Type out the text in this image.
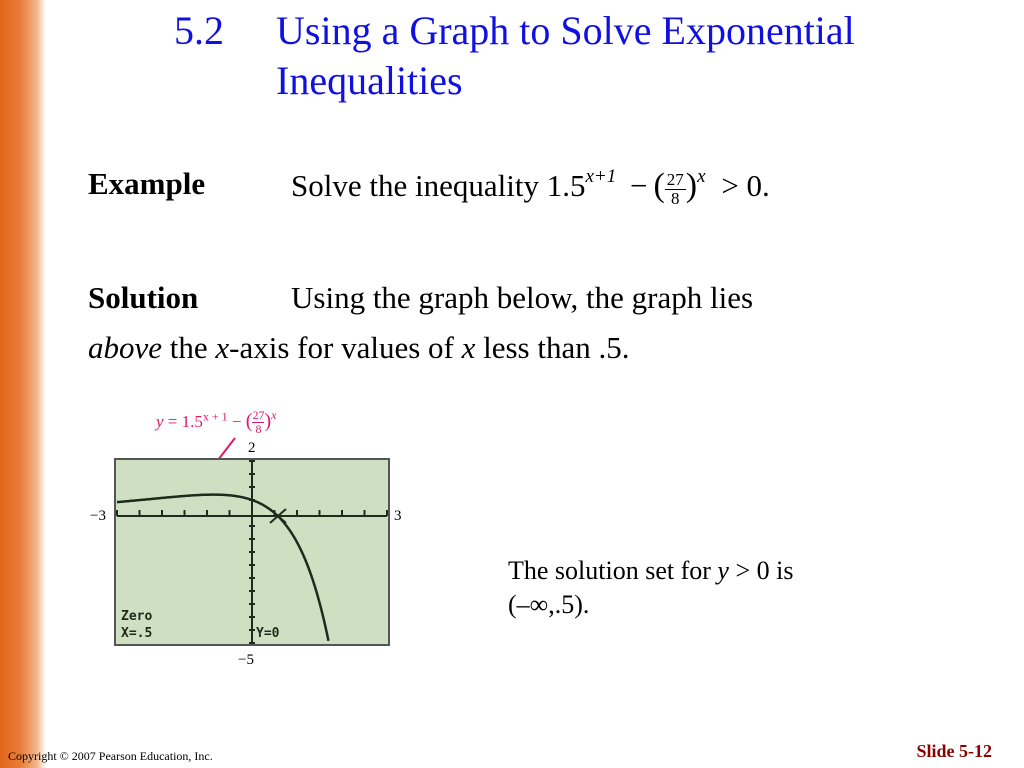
5.2 Using a Graph to Solve Exponential
Inequalities
Example	Solve the inequality $1.5^{x+1}$ − ( $\frac{27}{8} )^x > 0$.
Solution	Using the graph below, the graph lies
above the x-axis for values of x less than .5.
$y = 1.5^{x + 1}$ − ( $\frac{27}{8} )^x$
2
−3	3
−5
Zero
X=.5	Y=0
The solution set for y > 0 is
(–∞,.5).
Copyright © 2007 Pearson Education, Inc.	Slide 5-12
